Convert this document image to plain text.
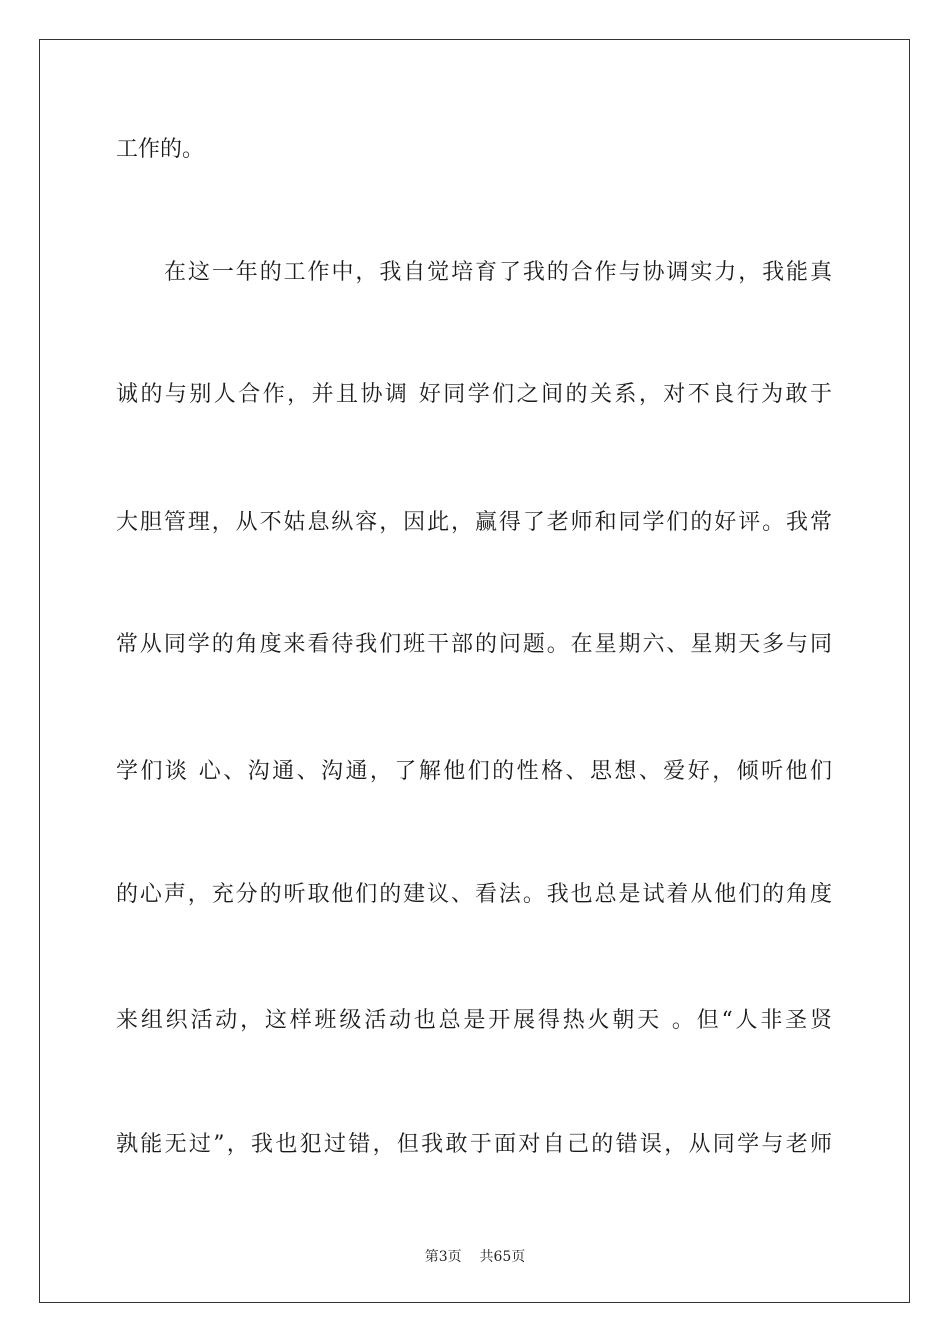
工作的。
在这一年的工作中，我自觉培育了我的合作与协调实力，我能真
诚的与别人合作，并且协调 好同学们之间的关系，对不良行为敢于
大胆管理，从不姑息纵容，因此，赢得了老师和同学们的好评。我常
常从同学的角度来看待我们班干部的问题。在星期六、星期天多与同
学们谈 心、沟通、沟通，了解他们的性格、思想、爱好，倾听他们
的心声，充分的听取他们的建议、看法。我也总是试着从他们的角度
来组织活动，这样班级活动也总是开展得热火朝天 。但“人非圣贤
孰能无过”，我也犯过错，但我敢于面对自己的错误，从同学与老师
第3页 共65页
